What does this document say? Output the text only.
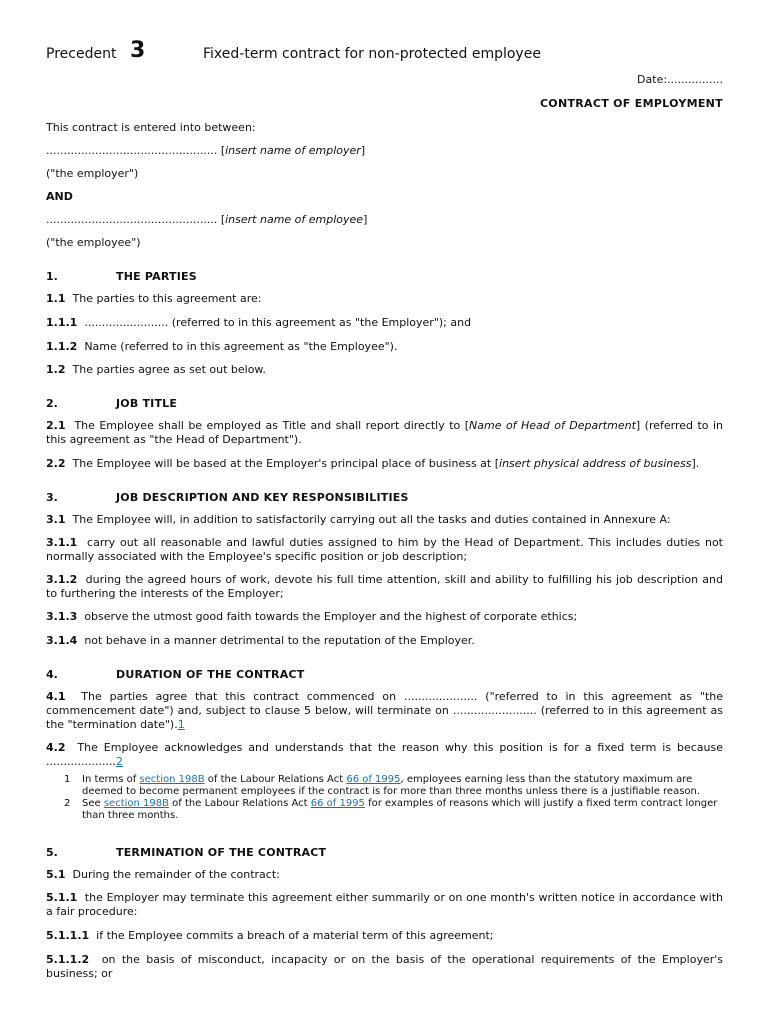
Precedent 3	Fixed-term contract for non-protected employee

Date:................

CONTRACT OF EMPLOYMENT

This contract is entered into between:

................................................. [insert name of employer]

("the employer")

AND

................................................. [insert name of employee]

("the employee")

1.	THE PARTIES

1.1 The parties to this agreement are:

1.1.1 ........................ (referred to in this agreement as "the Employer"); and

1.1.2 Name (referred to in this agreement as "the Employee").

1.2 The parties agree as set out below.

2.	JOB TITLE

2.1 The Employee shall be employed as Title and shall report directly to [Name of Head of Department] (referred to in this agreement as "the Head of Department").

2.2 The Employee will be based at the Employer's principal place of business at [insert physical address of business].

3.	JOB DESCRIPTION AND KEY RESPONSIBILITIES

3.1 The Employee will, in addition to satisfactorily carrying out all the tasks and duties contained in Annexure A:

3.1.1 carry out all reasonable and lawful duties assigned to him by the Head of Department. This includes duties not normally associated with the Employee's specific position or job description;

3.1.2 during the agreed hours of work, devote his full time attention, skill and ability to fulfilling his job description and to furthering the interests of the Employer;

3.1.3 observe the utmost good faith towards the Employer and the highest of corporate ethics;

3.1.4 not behave in a manner detrimental to the reputation of the Employer.

4.	DURATION OF THE CONTRACT

4.1 The parties agree that this contract commenced on ..................... ("referred to in this agreement as "the commencement date") and, subject to clause 5 below, will terminate on ........................ (referred to in this agreement as the "termination date").1

4.2 The Employee acknowledges and understands that the reason why this position is for a fixed term is because ....................2

1	In terms of section 198B of the Labour Relations Act 66 of 1995, employees earning less than the statutory maximum are deemed to become permanent employees if the contract is for more than three months unless there is a justifiable reason.
2	See section 198B of the Labour Relations Act 66 of 1995 for examples of reasons which will justify a fixed term contract longer than three months.
5.	TERMINATION OF THE CONTRACT

5.1 During the remainder of the contract:

5.1.1 the Employer may terminate this agreement either summarily or on one month's written notice in accordance with a fair procedure:

5.1.1.1 if the Employee commits a breach of a material term of this agreement;

5.1.1.2 on the basis of misconduct, incapacity or on the basis of the operational requirements of the Employer's business; or
